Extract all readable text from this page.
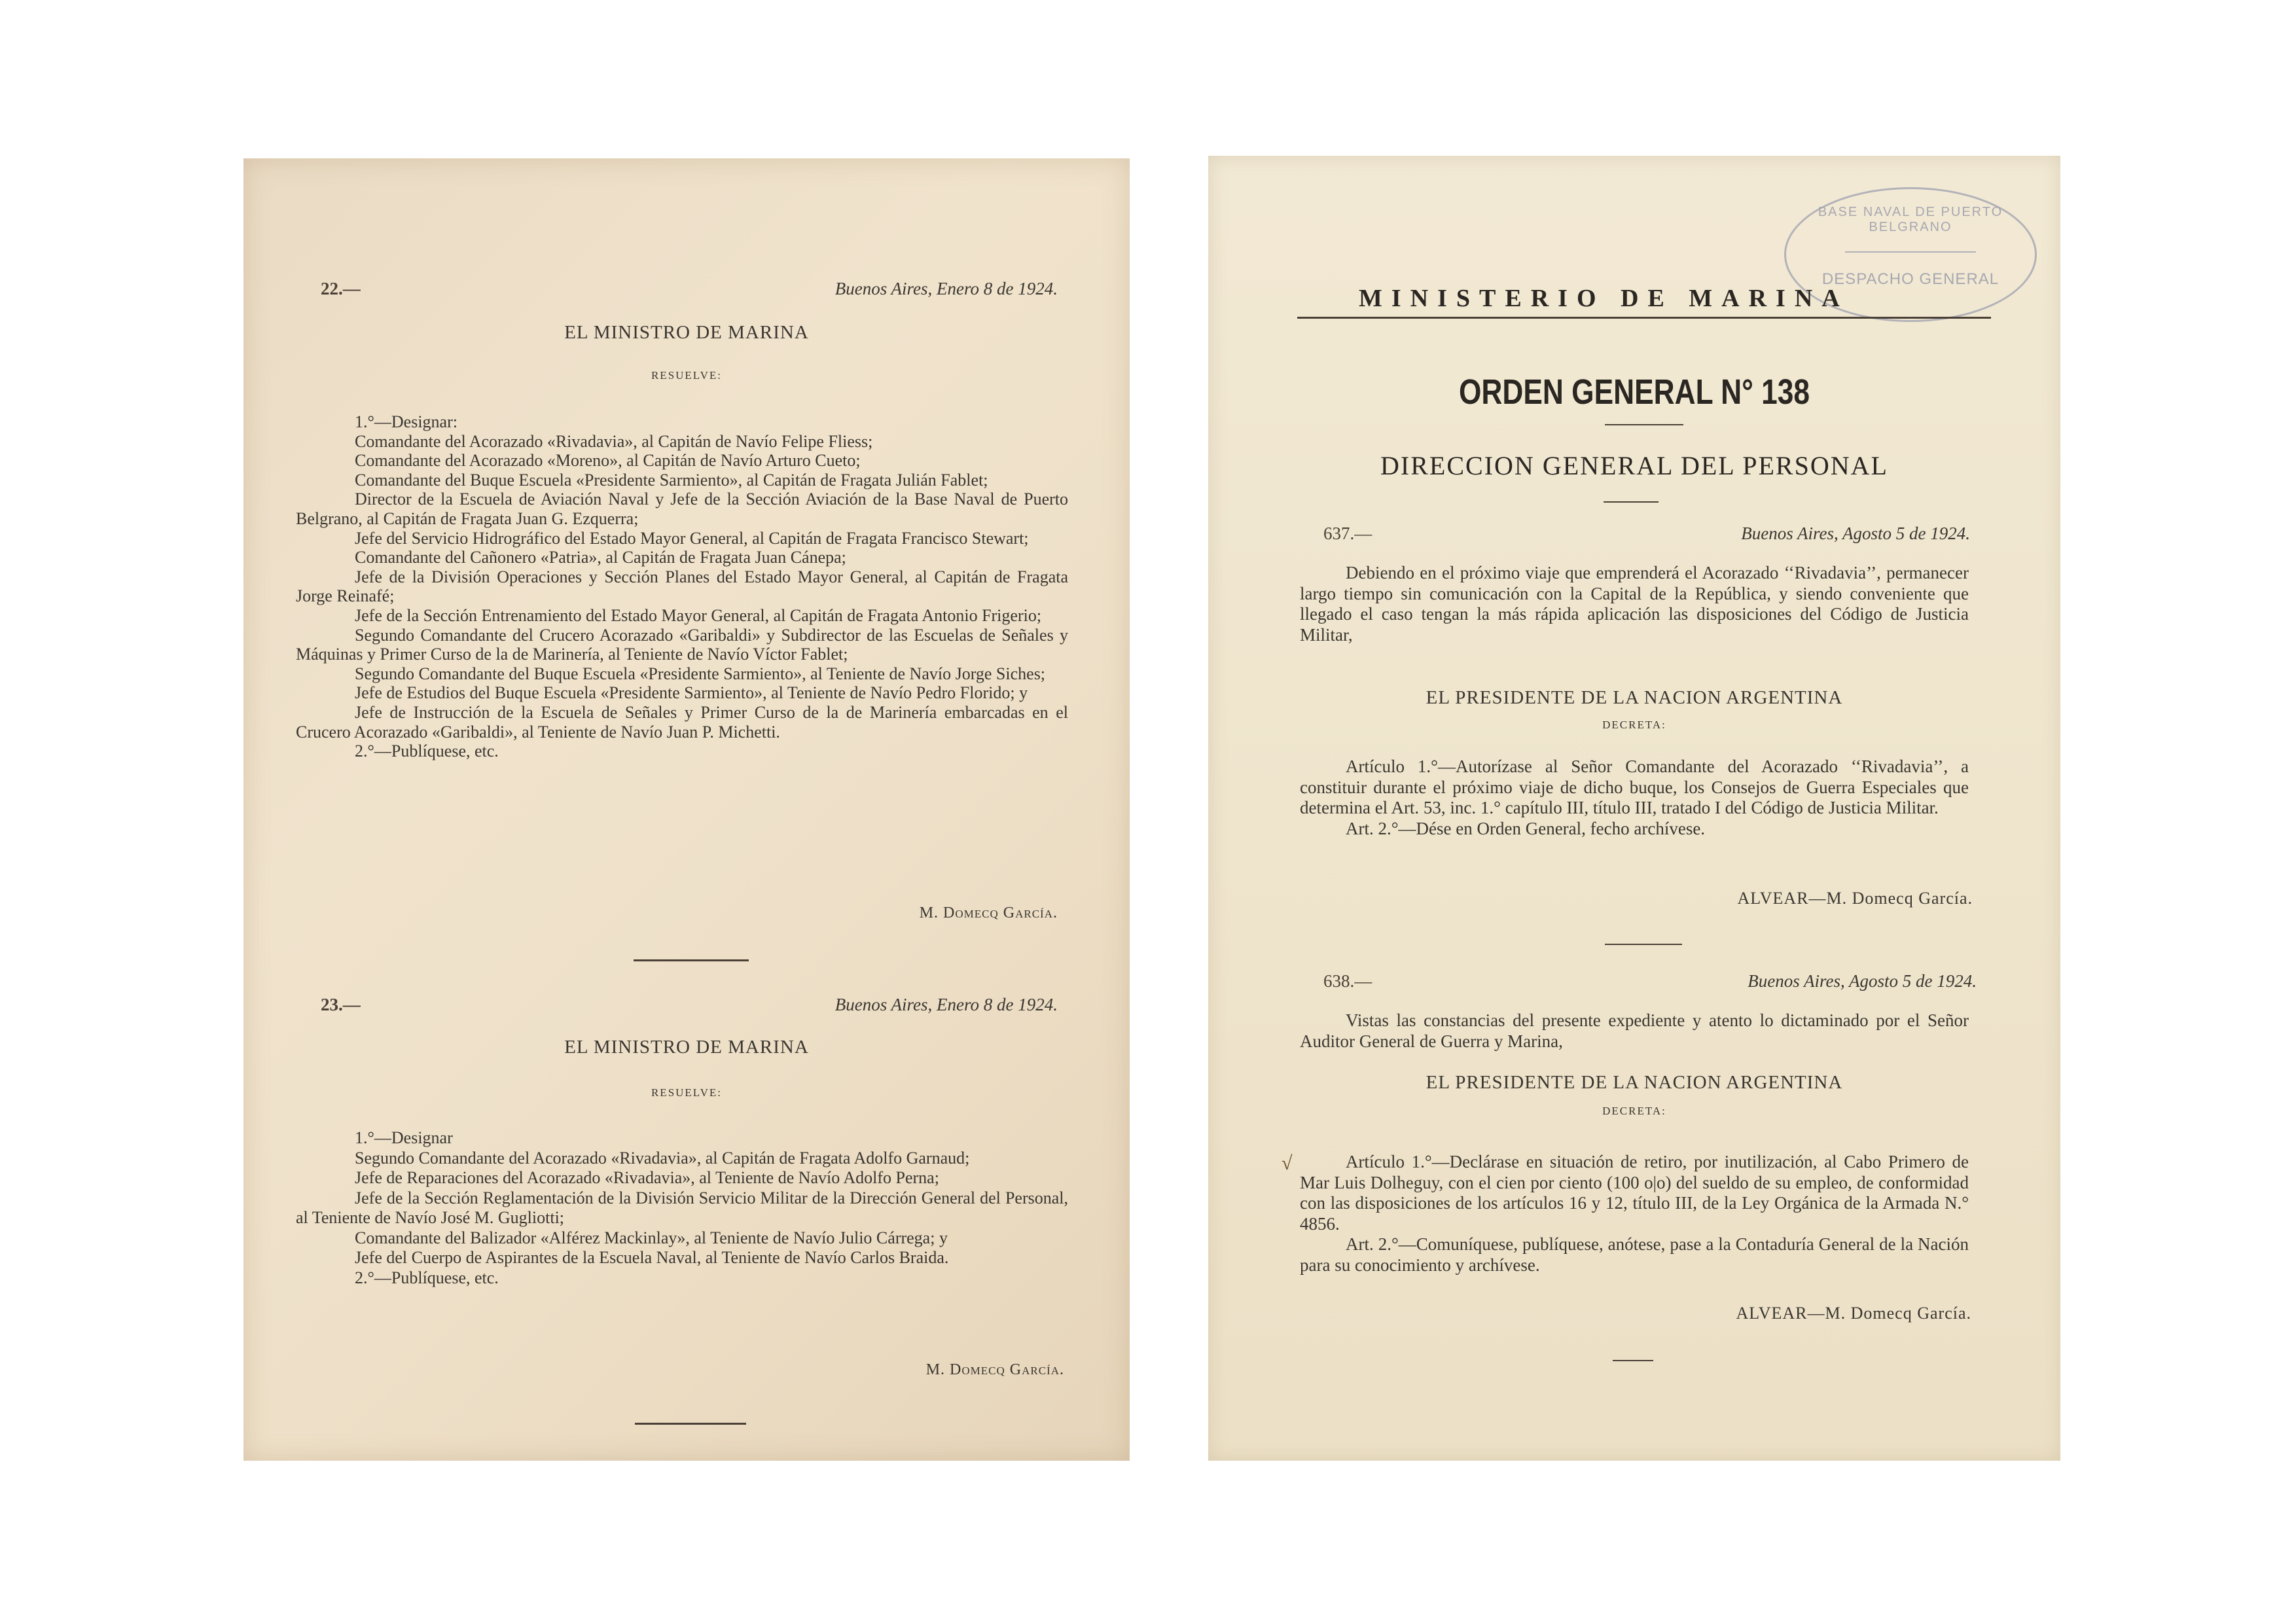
22.—	Buenos Aires, Enero 8 de 1924.
EL MINISTRO DE MARINA
RESUELVE:

1.°—Designar:

Comandante del Acorazado «Rivadavia», al Capitán de Navío Felipe Fliess;

Comandante del Acorazado «Moreno», al Capitán de Navío Arturo Cueto;

Comandante del Buque Escuela «Presidente Sarmiento», al Capitán de Fragata Julián Fablet;

Director de la Escuela de Aviación Naval y Jefe de la Sección Aviación de la Base Naval de Puerto Belgrano, al Capitán de Fragata Juan G. Ezquerra;

Jefe del Servicio Hidrográfico del Estado Mayor General, al Capitán de Fragata Francisco Stewart;

Comandante del Cañonero «Patria», al Capitán de Fragata Juan Cánepa;

Jefe de la División Operaciones y Sección Planes del Estado Mayor General, al Capitán de Fragata Jorge Reinafé;

Jefe de la Sección Entrenamiento del Estado Mayor General, al Capitán de Fragata Antonio Frigerio;

Segundo Comandante del Crucero Acorazado «Garibaldi» y Subdirector de las Escuelas de Señales y Máquinas y Primer Curso de la de Marinería, al Teniente de Navío Víctor Fablet;

Segundo Comandante del Buque Escuela «Presidente Sarmiento», al Teniente de Navío Jorge Siches;

Jefe de Estudios del Buque Escuela «Presidente Sarmiento», al Teniente de Navío Pedro Florido; y

Jefe de Instrucción de la Escuela de Señales y Primer Curso de la de Marinería embarcadas en el Crucero Acorazado «Garibaldi», al Teniente de Navío Juan P. Michetti.

2.°—Publíquese, etc.

M. Domecq García.
23.—	Buenos Aires, Enero 8 de 1924.
EL MINISTRO DE MARINA
RESUELVE:

1.°—Designar

Segundo Comandante del Acorazado «Rivadavia», al Capitán de Fragata Adolfo Garnaud;

Jefe de Reparaciones del Acorazado «Rivadavia», al Teniente de Navío Adolfo Perna;

Jefe de la Sección Reglamentación de la División Servicio Militar de la Dirección General del Personal, al Teniente de Navío José M. Gugliotti;

Comandante del Balizador «Alférez Mackinlay», al Teniente de Navío Julio Cárrega; y

Jefe del Cuerpo de Aspirantes de la Escuela Naval, al Teniente de Navío Carlos Braida.

2.°—Publíquese, etc.

M. Domecq García.
BASE NAVAL DE PUERTO BELGRANO
DESPACHO GENERAL
MINISTERIO DE MARINA
ORDEN GENERAL N° 138
DIRECCION GENERAL DEL PERSONAL
637.—	Buenos Aires, Agosto 5 de 1924.

Debiendo en el próximo viaje que emprenderá el Acorazado ‘‘Rivadavia’’, permanecer largo tiempo sin comunicación con la Capital de la República, y siendo conveniente que llegado el caso tengan la más rápida aplicación las disposiciones del Código de Justicia Militar,

EL PRESIDENTE DE LA NACION ARGENTINA
DECRETA:

Artículo 1.°—Autorízase al Señor Comandante del Acorazado ‘‘Rivadavia’’, a constituir durante el próximo viaje de dicho buque, los Consejos de Guerra Especiales que determina el Art. 53, inc. 1.° capítulo III, título III, tratado I del Código de Justicia Militar.

Art. 2.°—Dése en Orden General, fecho archívese.

ALVEAR—M. Domecq García.
638.—	Buenos Aires, Agosto 5 de 1924.

Vistas las constancias del presente expediente y atento lo dictaminado por el Señor Auditor General de Guerra y Marina,

EL PRESIDENTE DE LA NACION ARGENTINA
DECRETA:
√	Artículo 1.°—Declárase en situación de retiro, por inutilización, al Cabo Primero de Mar Luis Dolheguy, con el cien por ciento (100 o|o) del sueldo de su empleo, de conformidad con las disposiciones de los artículos 16 y 12, título III, de la Ley Orgánica de la Armada N.° 4856.

Art. 2.°—Comuníquese, publíquese, anótese, pase a la Contaduría General de la Nación para su conocimiento y archívese.

ALVEAR—M. Domecq García.
